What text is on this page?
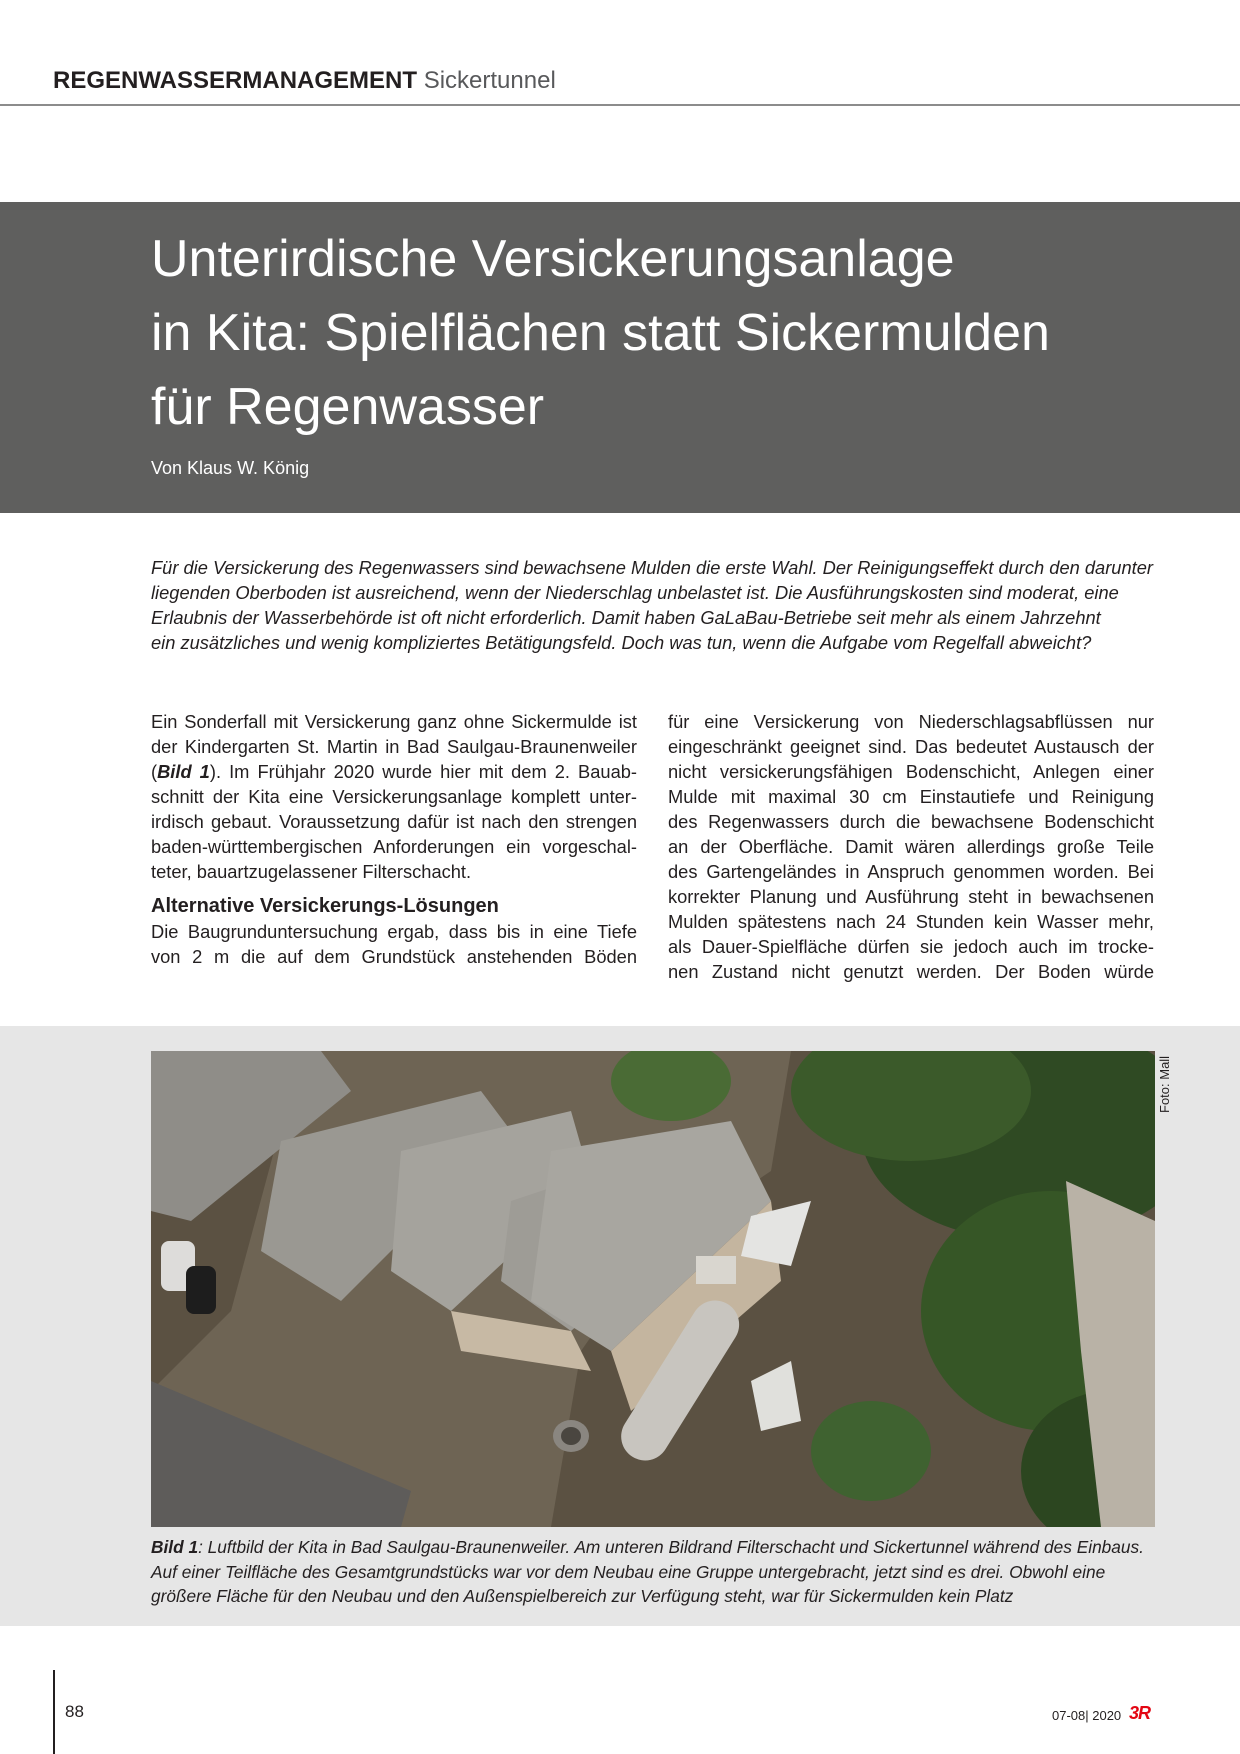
REGENWASSERMANAGEMENT Sickertunnel
Unterirdische Versickerungsanlage
in Kita: Spielflächen statt Sickermulden
für Regenwasser
Von Klaus W. König
Für die Versickerung des Regenwassers sind bewachsene Mulden die erste Wahl. Der Reinigungseffekt durch den darunter
liegenden Oberboden ist ausreichend, wenn der Niederschlag unbelastet ist. Die Ausführungskosten sind moderat, eine
Erlaubnis der Wasserbehörde ist oft nicht erforderlich. Damit haben GaLaBau-Betriebe seit mehr als einem Jahrzehnt
ein zusätzliches und wenig kompliziertes Betätigungsfeld. Doch was tun, wenn die Aufgabe vom Regelfall abweicht?
Ein Sonderfall mit Versickerung ganz ohne Sickermulde ist
der Kindergarten St. Martin in Bad Saulgau-Braunenweiler
(Bild 1). Im Frühjahr 2020 wurde hier mit dem 2. Bauab-
schnitt der Kita eine Versickerungsanlage komplett unter-
irdisch gebaut. Voraussetzung dafür ist nach den strengen
baden-württembergischen Anforderungen ein vorgeschal-
teter, bauartzugelassener Filterschacht.
Alternative Versickerungs-Lösungen
Die Baugrunduntersuchung ergab, dass bis in eine Tiefe
von 2 m die auf dem Grundstück anstehenden Böden
für eine Versickerung von Niederschlagsabflüssen nur
eingeschränkt geeignet sind. Das bedeutet Austausch der
nicht versickerungsfähigen Bodenschicht, Anlegen einer
Mulde mit maximal 30 cm Einstautiefe und Reinigung
des Regenwassers durch die bewachsene Bodenschicht
an der Oberfläche. Damit wären allerdings große Teile
des Gartengeländes in Anspruch genommen worden. Bei
korrekter Planung und Ausführung steht in bewachsenen
Mulden spätestens nach 24 Stunden kein Wasser mehr,
als Dauer-Spielfläche dürfen sie jedoch auch im trocke-
nen Zustand nicht genutzt werden. Der Boden würde
Foto: Mall
Bild 1: Luftbild der Kita in Bad Saulgau-Braunenweiler. Am unteren Bildrand Filterschacht und Sickertunnel während des Einbaus.
Auf einer Teilfläche des Gesamtgrundstücks war vor dem Neubau eine Gruppe untergebracht, jetzt sind es drei. Obwohl eine
größere Fläche für den Neubau und den Außenspielbereich zur Verfügung steht, war für Sickermulden kein Platz
88	07-08| 2020 3R
